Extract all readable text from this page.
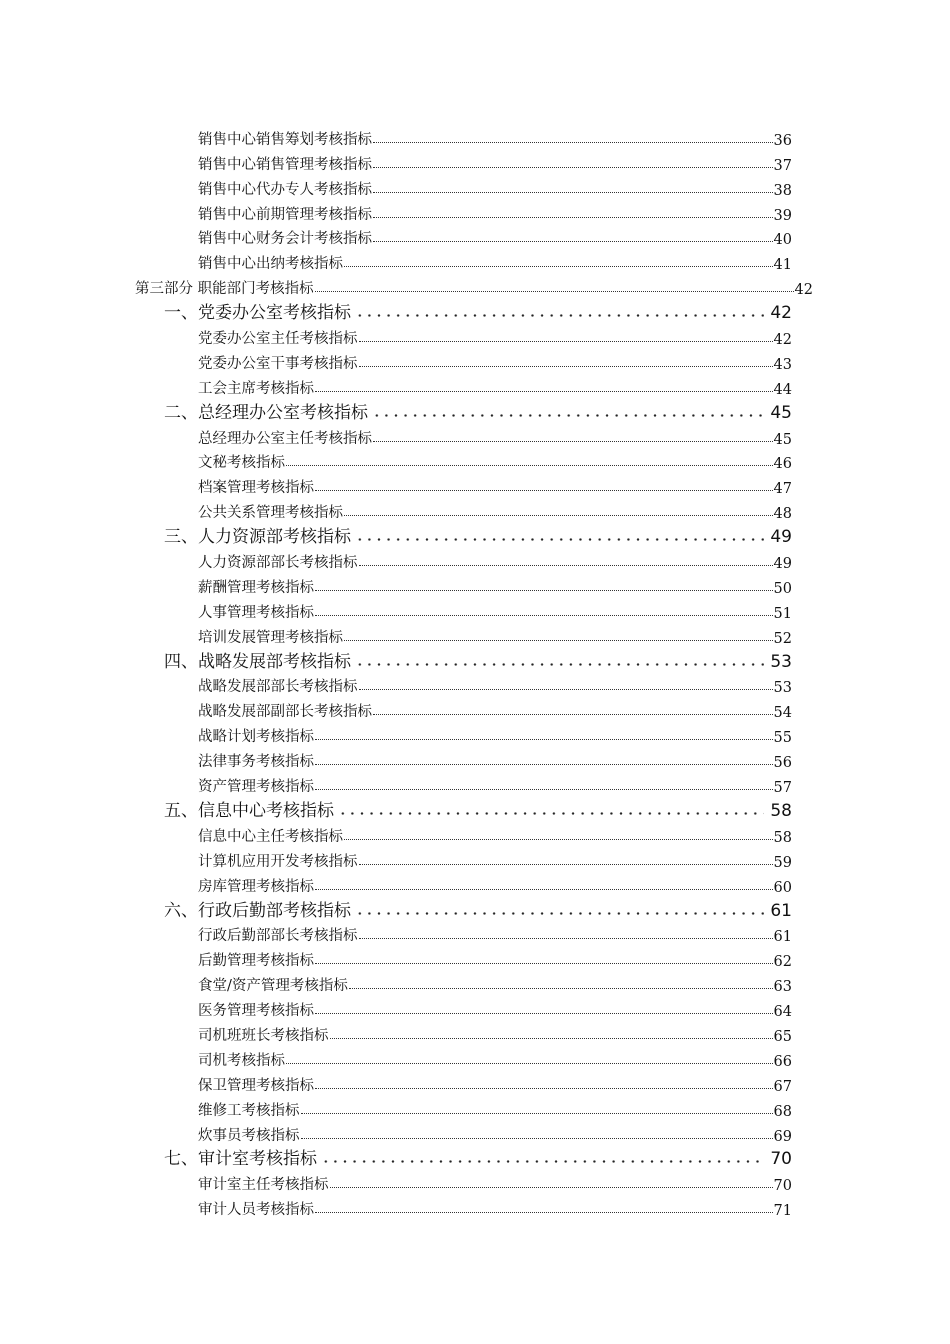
销售中心销售筹划考核指标	36
销售中心销售管理考核指标	37
销售中心代办专人考核指标	38
销售中心前期管理考核指标	39
销售中心财务会计考核指标	40
销售中心出纳考核指标	41
第三部分 职能部门考核指标	42
一、党委办公室考核指标	42
党委办公室主任考核指标	42
党委办公室干事考核指标	43
工会主席考核指标	44
二、总经理办公室考核指标	45
总经理办公室主任考核指标	45
文秘考核指标	46
档案管理考核指标	47
公共关系管理考核指标	48
三、人力资源部考核指标	49
人力资源部部长考核指标	49
薪酬管理考核指标	50
人事管理考核指标	51
培训发展管理考核指标	52
四、战略发展部考核指标	53
战略发展部部长考核指标	53
战略发展部副部长考核指标	54
战略计划考核指标	55
法律事务考核指标	56
资产管理考核指标	57
五、信息中心考核指标	58
信息中心主任考核指标	58
计算机应用开发考核指标	59
房库管理考核指标	60
六、行政后勤部考核指标	61
行政后勤部部长考核指标	61
后勤管理考核指标	62
食堂/资产管理考核指标	63
医务管理考核指标	64
司机班班长考核指标	65
司机考核指标	66
保卫管理考核指标	67
维修工考核指标	68
炊事员考核指标	69
七、审计室考核指标	70
审计室主任考核指标	70
审计人员考核指标	71
